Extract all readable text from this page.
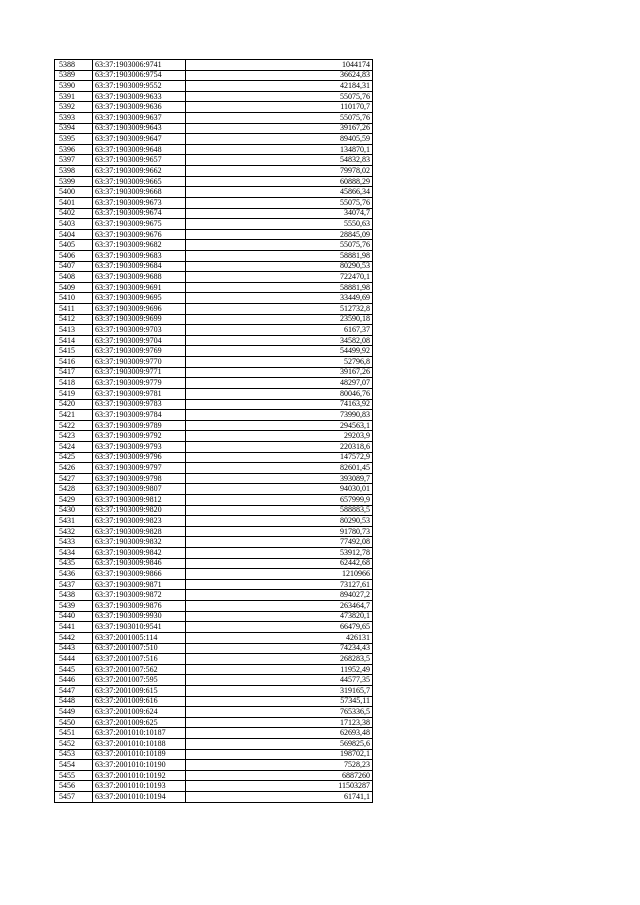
5388	63:37:1903006:9741	1044174
5389	63:37:1903006:9754	36624,83
5390	63:37:1903009:9552	42184,31
5391	63:37:1903009:9633	55075,76
5392	63:37:1903009:9636	110170,7
5393	63:37:1903009:9637	55075,76
5394	63:37:1903009:9643	39167,26
5395	63:37:1903009:9647	89405,59
5396	63:37:1903009:9648	134870,1
5397	63:37:1903009:9657	54832,83
5398	63:37:1903009:9662	79978,02
5399	63:37:1903009:9665	60888,29
5400	63:37:1903009:9668	45866,34
5401	63:37:1903009:9673	55075,76
5402	63:37:1903009:9674	34074,7
5403	63:37:1903009:9675	5550,63
5404	63:37:1903009:9676	28845,09
5405	63:37:1903009:9682	55075,76
5406	63:37:1903009:9683	58881,98
5407	63:37:1903009:9684	80290,53
5408	63:37:1903009:9688	722470,1
5409	63:37:1903009:9691	58881,98
5410	63:37:1903009:9695	33449,69
5411	63:37:1903009:9696	512732,8
5412	63:37:1903009:9699	23590,18
5413	63:37:1903009:9703	6167,37
5414	63:37:1903009:9704	34582,08
5415	63:37:1903009:9769	54499,92
5416	63:37:1903009:9770	52796,8
5417	63:37:1903009:9771	39167,26
5418	63:37:1903009:9779	48297,07
5419	63:37:1903009:9781	80046,76
5420	63:37:1903009:9783	74163,92
5421	63:37:1903009:9784	73990,83
5422	63:37:1903009:9789	294563,1
5423	63:37:1903009:9792	29203,9
5424	63:37:1903009:9793	220318,6
5425	63:37:1903009:9796	147572,9
5426	63:37:1903009:9797	82601,45
5427	63:37:1903009:9798	393089,7
5428	63:37:1903009:9807	94030,01
5429	63:37:1903009:9812	657999,9
5430	63:37:1903009:9820	588883,5
5431	63:37:1903009:9823	80290,53
5432	63:37:1903009:9828	91780,73
5433	63:37:1903009:9832	77492,08
5434	63:37:1903009:9842	53912,78
5435	63:37:1903009:9846	62442,68
5436	63:37:1903009:9866	1210966
5437	63:37:1903009:9871	73127,61
5438	63:37:1903009:9872	894027,2
5439	63:37:1903009:9876	263464,7
5440	63:37:1903009:9930	473820,1
5441	63:37:1903010:9541	66479,65
5442	63:37:2001005:114	426131
5443	63:37:2001007:510	74234,43
5444	63:37:2001007:516	268283,5
5445	63:37:2001007:562	11952,49
5446	63:37:2001007:595	44577,35
5447	63:37:2001009:615	319165,7
5448	63:37:2001009:616	57345,11
5449	63:37:2001009:624	765336,5
5450	63:37:2001009:625	17123,38
5451	63:37:2001010:10187	62693,48
5452	63:37:2001010:10188	569825,6
5453	63:37:2001010:10189	198702,1
5454	63:37:2001010:10190	7528,23
5455	63:37:2001010:10192	6887260
5456	63:37:2001010:10193	11503287
5457	63:37:2001010:10194	61741,1
